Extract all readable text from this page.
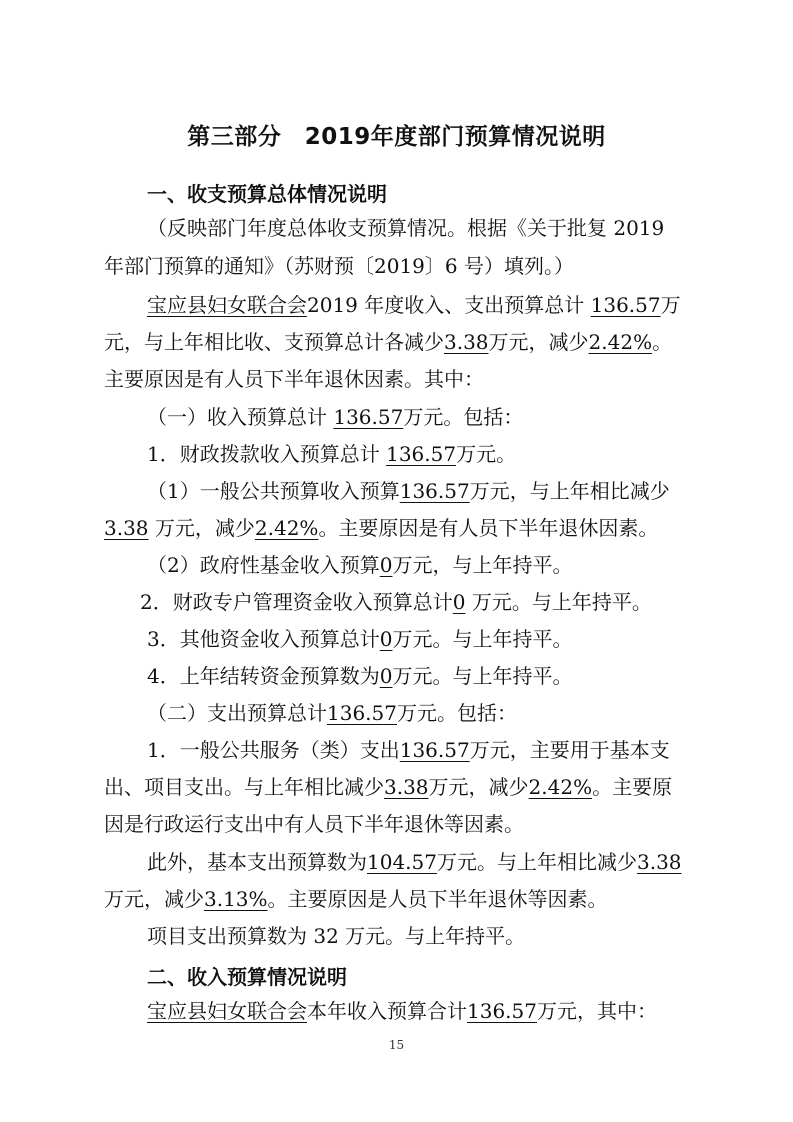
第三部分　2019年度部门预算情况说明
一、收支预算总体情况说明
（反映部门年度总体收支预算情况。根据《关于批复 2019
年部门预算的通知》（苏财预〔2019〕6 号）填列。）
宝应县妇女联合会2019 年度收入、支出预算总计 136.57万
元，与上年相比收、支预算总计各减少3.38万元，减少2.42%。
主要原因是有人员下半年退休因素。其中：
（一）收入预算总计 136.57万元。包括：
1．财政拨款收入预算总计 136.57万元。
（1）一般公共预算收入预算136.57万元，与上年相比减少
3.38 万元，减少2.42%。主要原因是有人员下半年退休因素。
（2）政府性基金收入预算0万元，与上年持平。
2．财政专户管理资金收入预算总计0 万元。与上年持平。
3．其他资金收入预算总计0万元。与上年持平。
4．上年结转资金预算数为0万元。与上年持平。
（二）支出预算总计136.57万元。包括：
1．一般公共服务（类）支出136.57万元，主要用于基本支
出、项目支出。与上年相比减少3.38万元，减少2.42%。主要原
因是行政运行支出中有人员下半年退休等因素。
此外，基本支出预算数为104.57万元。与上年相比减少3.38
万元，减少3.13%。主要原因是人员下半年退休等因素。
项目支出预算数为 32 万元。与上年持平。
二、收入预算情况说明
宝应县妇女联合会本年收入预算合计136.57万元，其中：
15
